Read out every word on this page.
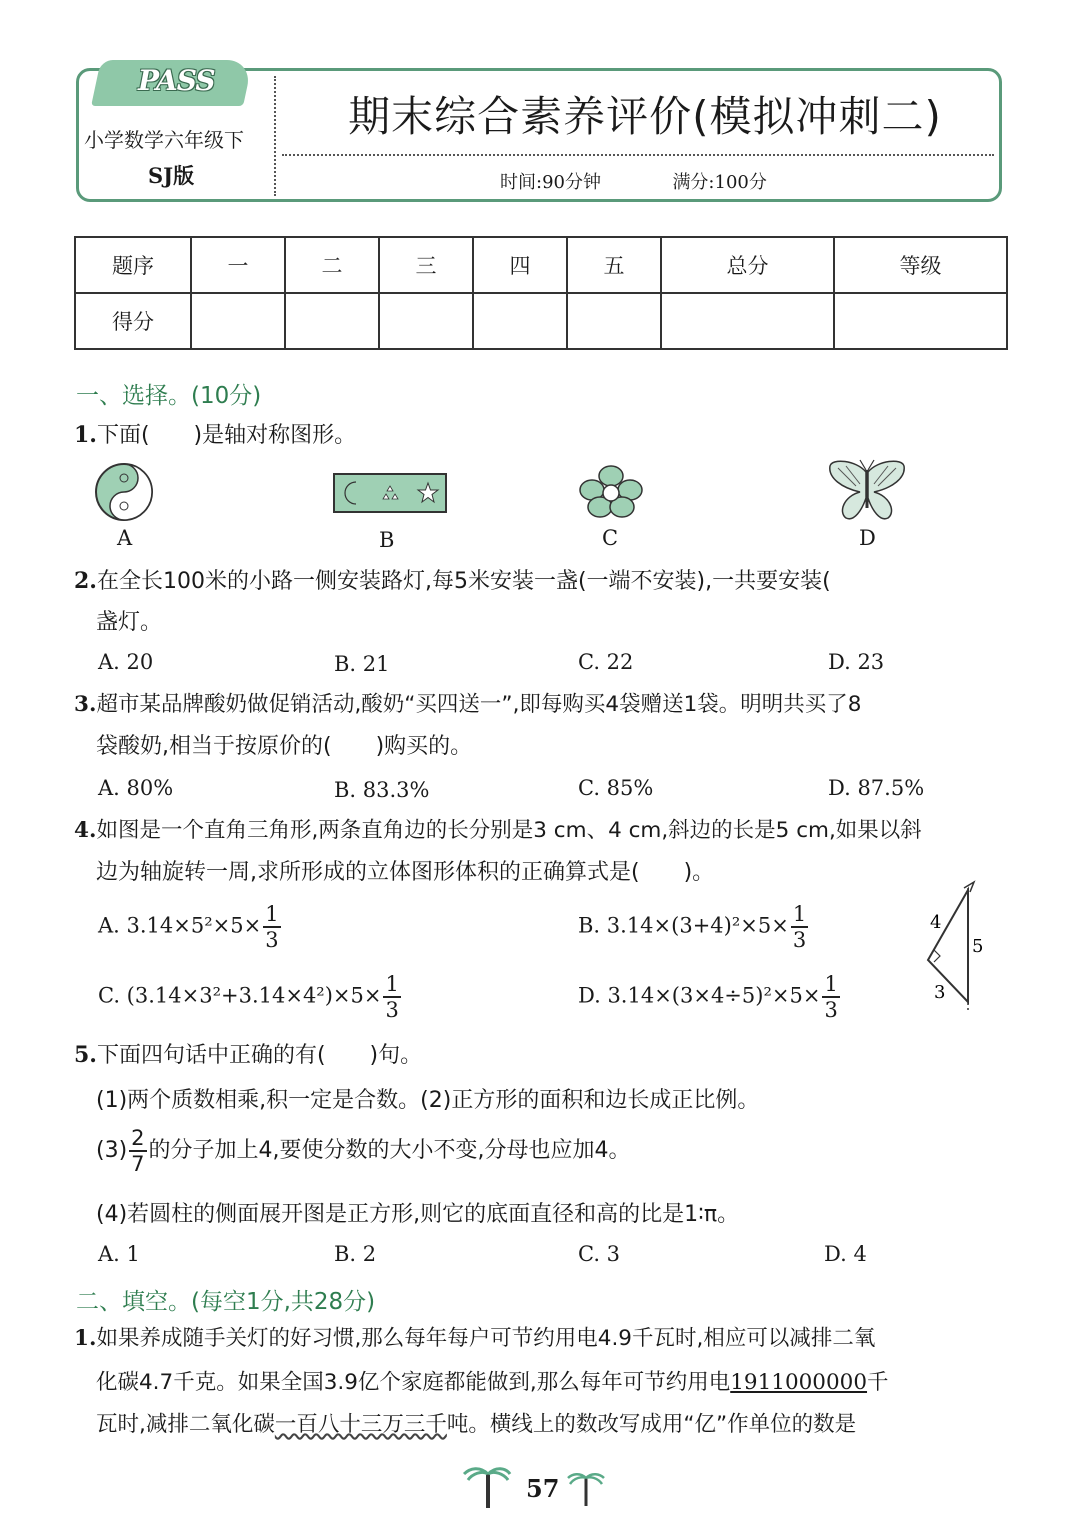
PASS
小学数学六年级下
SJ版
期末综合素养评价(模拟冲刺二)
时间:90分钟	满分:100分
题序	一	二	三	四	五	总分	等级
得分							
一、选择。(10分)
1.下面(　　)是轴对称图形。
A	B	C	D
2.在全长100米的小路一侧安装路灯,每5米安装一盏(一端不安装),一共要安装(
盏灯。
A. 20	B. 21	C. 22	D. 23
3.超市某品牌酸奶做促销活动,酸奶“买四送一”,即每购买4袋赠送1袋。明明共买了8
袋酸奶,相当于按原价的(　　)购买的。
A. 80%	B. 83.3%	C. 85%	D. 87.5%
4.如图是一个直角三角形,两条直角边的长分别是3 cm、4 cm,斜边的长是5 cm,如果以斜
边为轴旋转一周,求所形成的立体图形体积的正确算式是(　　)。
A. $3.14\times 5^2\times 5\times \frac{1}{3}$	B. $3.14\times(3+4)^2\times 5\times \frac{1}{3}$
C. $(3.14\times 3^2+3.14\times 4^2)\times 5\times \frac{1}{3}$	D. $3.14\times(3\times 4\div 5)^2\times 5\times \frac{1}{3}$
4
5
3
5.下面四句话中正确的有(　　)句。
(1)两个质数相乘,积一定是合数。(2)正方形的面积和边长成正比例。
$(3) \frac{2}{7}$ 的分子加上4,要使分数的大小不变,分母也应加4。
(4)若圆柱的侧面展开图是正方形,则它的底面直径和高的比是1∶π。
A. 1	B. 2	C. 3	D. 4
二、填空。(每空1分,共28分)
1.如果养成随手关灯的好习惯,那么每年每户可节约用电4.9千瓦时,相应可以减排二氧
化碳4.7千克。如果全国3.9亿个家庭都能做到,那么每年可节约用电1911000000千
瓦时,减排二氧化碳一百八十三万三千吨。横线上的数改写成用“亿”作单位的数是
57
